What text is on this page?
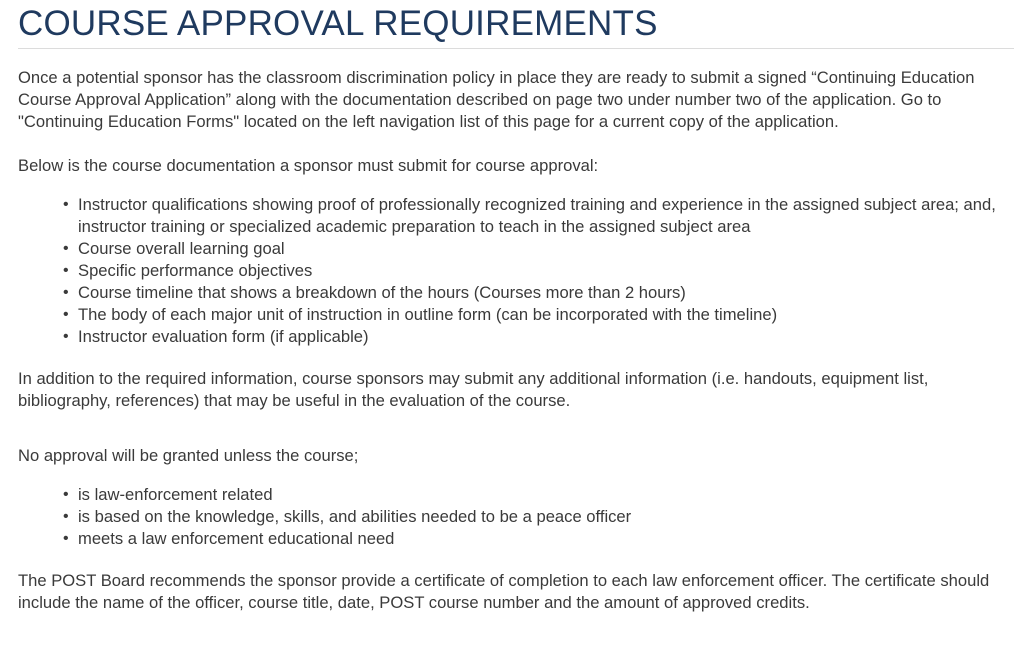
COURSE APPROVAL REQUIREMENTS

Once a potential sponsor has the classroom discrimination policy in place they are ready to submit a signed “Continuing Education Course Approval Application” along with the documentation described on page two under number two of the application. Go to "Continuing Education Forms" located on the left navigation list of this page for a current copy of the application.

Below is the course documentation a sponsor must submit for course approval:

• Instructor qualifications showing proof of professionally recognized training and experience in the assigned subject area; and, instructor training or specialized academic preparation to teach in the assigned subject area
• Course overall learning goal
• Specific performance objectives
• Course timeline that shows a breakdown of the hours (Courses more than 2 hours)
• The body of each major unit of instruction in outline form (can be incorporated with the timeline)
• Instructor evaluation form (if applicable)

In addition to the required information, course sponsors may submit any additional information (i.e. handouts, equipment list, bibliography, references) that may be useful in the evaluation of the course.

No approval will be granted unless the course;

• is law-enforcement related
• is based on the knowledge, skills, and abilities needed to be a peace officer
• meets a law enforcement educational need

The POST Board recommends the sponsor provide a certificate of completion to each law enforcement officer. The certificate should include the name of the officer, course title, date, POST course number and the amount of approved credits.
